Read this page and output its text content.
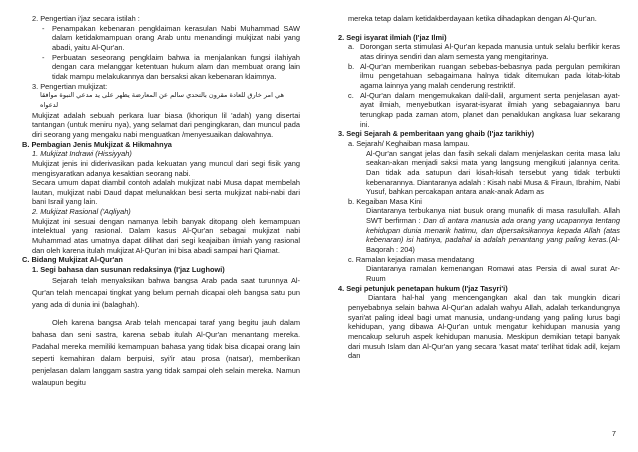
2. Pengertian i'jaz secara istilah :

-	Penampakan kebenaran pengklaiman kerasulan Nabi Muhammad SAW dalam ketidakmampuan orang Arab untu menandingi mukjizat nabi yang abadi, yaitu Al-Qur'an.
-	Perbuatan seseorang pengklaim bahwa ia menjalankan fungsi ilahiyah dengan cara melanggar ketentuan hukum alam dan membuat orang lain tidak mampu melakukannya dan bersaksi akan kebenaran klaimnya.

3. Pengertian mukjizat:

هي امر خارق للعادة مقرون بالتحدي سالم عن المعارضة يظهر على يد مدعي النبوة موافقا لدعواه

Mukjizat adalah sebuah perkara luar biasa (khoriqun lil 'adah) yang disertai tantangan (untuk meniru nya), yang selamat dari pengingkaran, dan muncul pada diri seorang yang mengaku nabi menguatkan /menyesuaikan dakwahnya.

B. Pembagian Jenis Mukjizat & Hikmahnya

1. Mukjizat Indrawi (Hissiyyah)

Mukjizat jenis ini diderivasikan pada kekuatan yang muncul dari segi fisik yang mengisyaratkan adanya kesaktian seorang nabi.

Secara umum dapat diambil contoh adalah mukjizat nabi Musa dapat membelah lautan, mukjizat nabi Daud dapat melunakkan besi serta mukjizat nabi-nabi dari bani Israil yang lain.

2. Mukjizat Rasional ('Aqliyah)

Mukjizat ini sesuai dengan namanya lebih banyak ditopang oleh kemampuan intelektual yang rasional. Dalam kasus Al-Qur'an sebagai mukjizat nabi Muhammad atas umatnya dapat dilihat dari segi keajaiban ilmiah yang rasional dan oleh karena itulah mukjizat Al-Qur'an ini bisa abadi sampai hari Qiamat.

C. Bidang Mukjizat Al-Qur'an

1. Segi bahasa dan susunan redaksinya (I'jaz Lughowi)

Sejarah telah menyaksikan bahwa bangsa Arab pada saat turunnya Al-Qur'an telah mencapai tingkat yang belum pernah dicapai oleh bangsa satu pun yang ada di dunia ini (balaghah).

Oleh karena bangsa Arab telah mencapai taraf yang begitu jauh dalam bahasa dan seni sastra, karena sebab itulah Al-Qur'an menantang mereka. Padahal mereka memiliki kemampuan bahasa yang tidak bisa dicapai orang lain seperti kemahiran dalam berpuisi, syi'ir atau prosa (natsar), memberikan penjelasan dalam langgam sastra yang tidak sampai oleh selain mereka. Namun walaupun begitu

mereka tetap dalam ketidakberdayaan ketika dihadapkan dengan Al-Qur'an.

2. Segi isyarat ilmiah (I'jaz Ilmi)

a. Dorongan serta stimulasi Al-Qur'an kepada manusia untuk selalu berfikir keras atas dirinya sendiri dan alam semesta yang mengitarinya.
b. Al-Qur'an memberikan ruangan sebebas-bebasnya pada pergulan pemikiran ilmu pengetahuan sebagaimana halnya tidak ditemukan pada kitab-kitab agama lainnya yang malah cenderung restriktif.
c. Al-Qur'an dalam mengemukakan dalil-dalil, argument serta penjelasan ayat-ayat ilmiah, menyebutkan isyarat-isyarat ilmiah yang sebagaiannya baru terungkap pada zaman atom, planet dan penaklukan angkasa luar sekarang ini.

3. Segi Sejarah & pemberitaan yang ghaib (I'jaz tarikhiy)

a. Sejarah/ Keghaiban masa lampau.

Al-Qur'an sangat jelas dan fasih sekali dalam menjelaskan cerita masa lalu seakan-akan menjadi saksi mata yang langsung mengikuti jalannya cerita. Dan tidak ada satupun dari kisah-kisah tersebut yang tidak terbukti kebenarannya. Diantaranya adalah : Kisah nabi Musa & Firaun, Ibrahim, Nabi Yusuf, bahkan percakapan antara anak-anak Adam as

b. Kegaiban Masa Kini

Diantaranya terbukanya niat busuk orang munafik di masa rasulullah. Allah SWT berfirman : Dan di antara manusia ada orang yang ucapannya tentang kehidupan dunia menarik hatimu, dan dipersaksikannya kepada Allah (atas kebenaran) isi hatinya, padahal ia adalah penantang yang paling keras.(Al-Baqorah : 204)

c. Ramalan kejadian masa mendatang

Diantaranya ramalan kemenangan Romawi atas Persia di awal surat Ar-Ruum

4. Segi petunjuk penetapan hukum (I'jaz Tasyri'i)

Diantara hal-hal yang mencengangkan akal dan tak mungkin dicari penyebabnya selain bahwa Al-Qur'an adalah wahyu Allah, adalah terkandungnya syari'at paling ideal bagi umat manusia, undang-undang yang paling lurus bagi kehidupan, yang dibawa Al-Qur'an untuk mengatur kehidupan manusia yang mencakup seluruh aspek kehidupan manusia. Meskipun demikian tetapi banyak dari musuh Islam dan Al-Qur'an yang secara 'kasat mata' terlihat tidak adil, kejam dan

7
